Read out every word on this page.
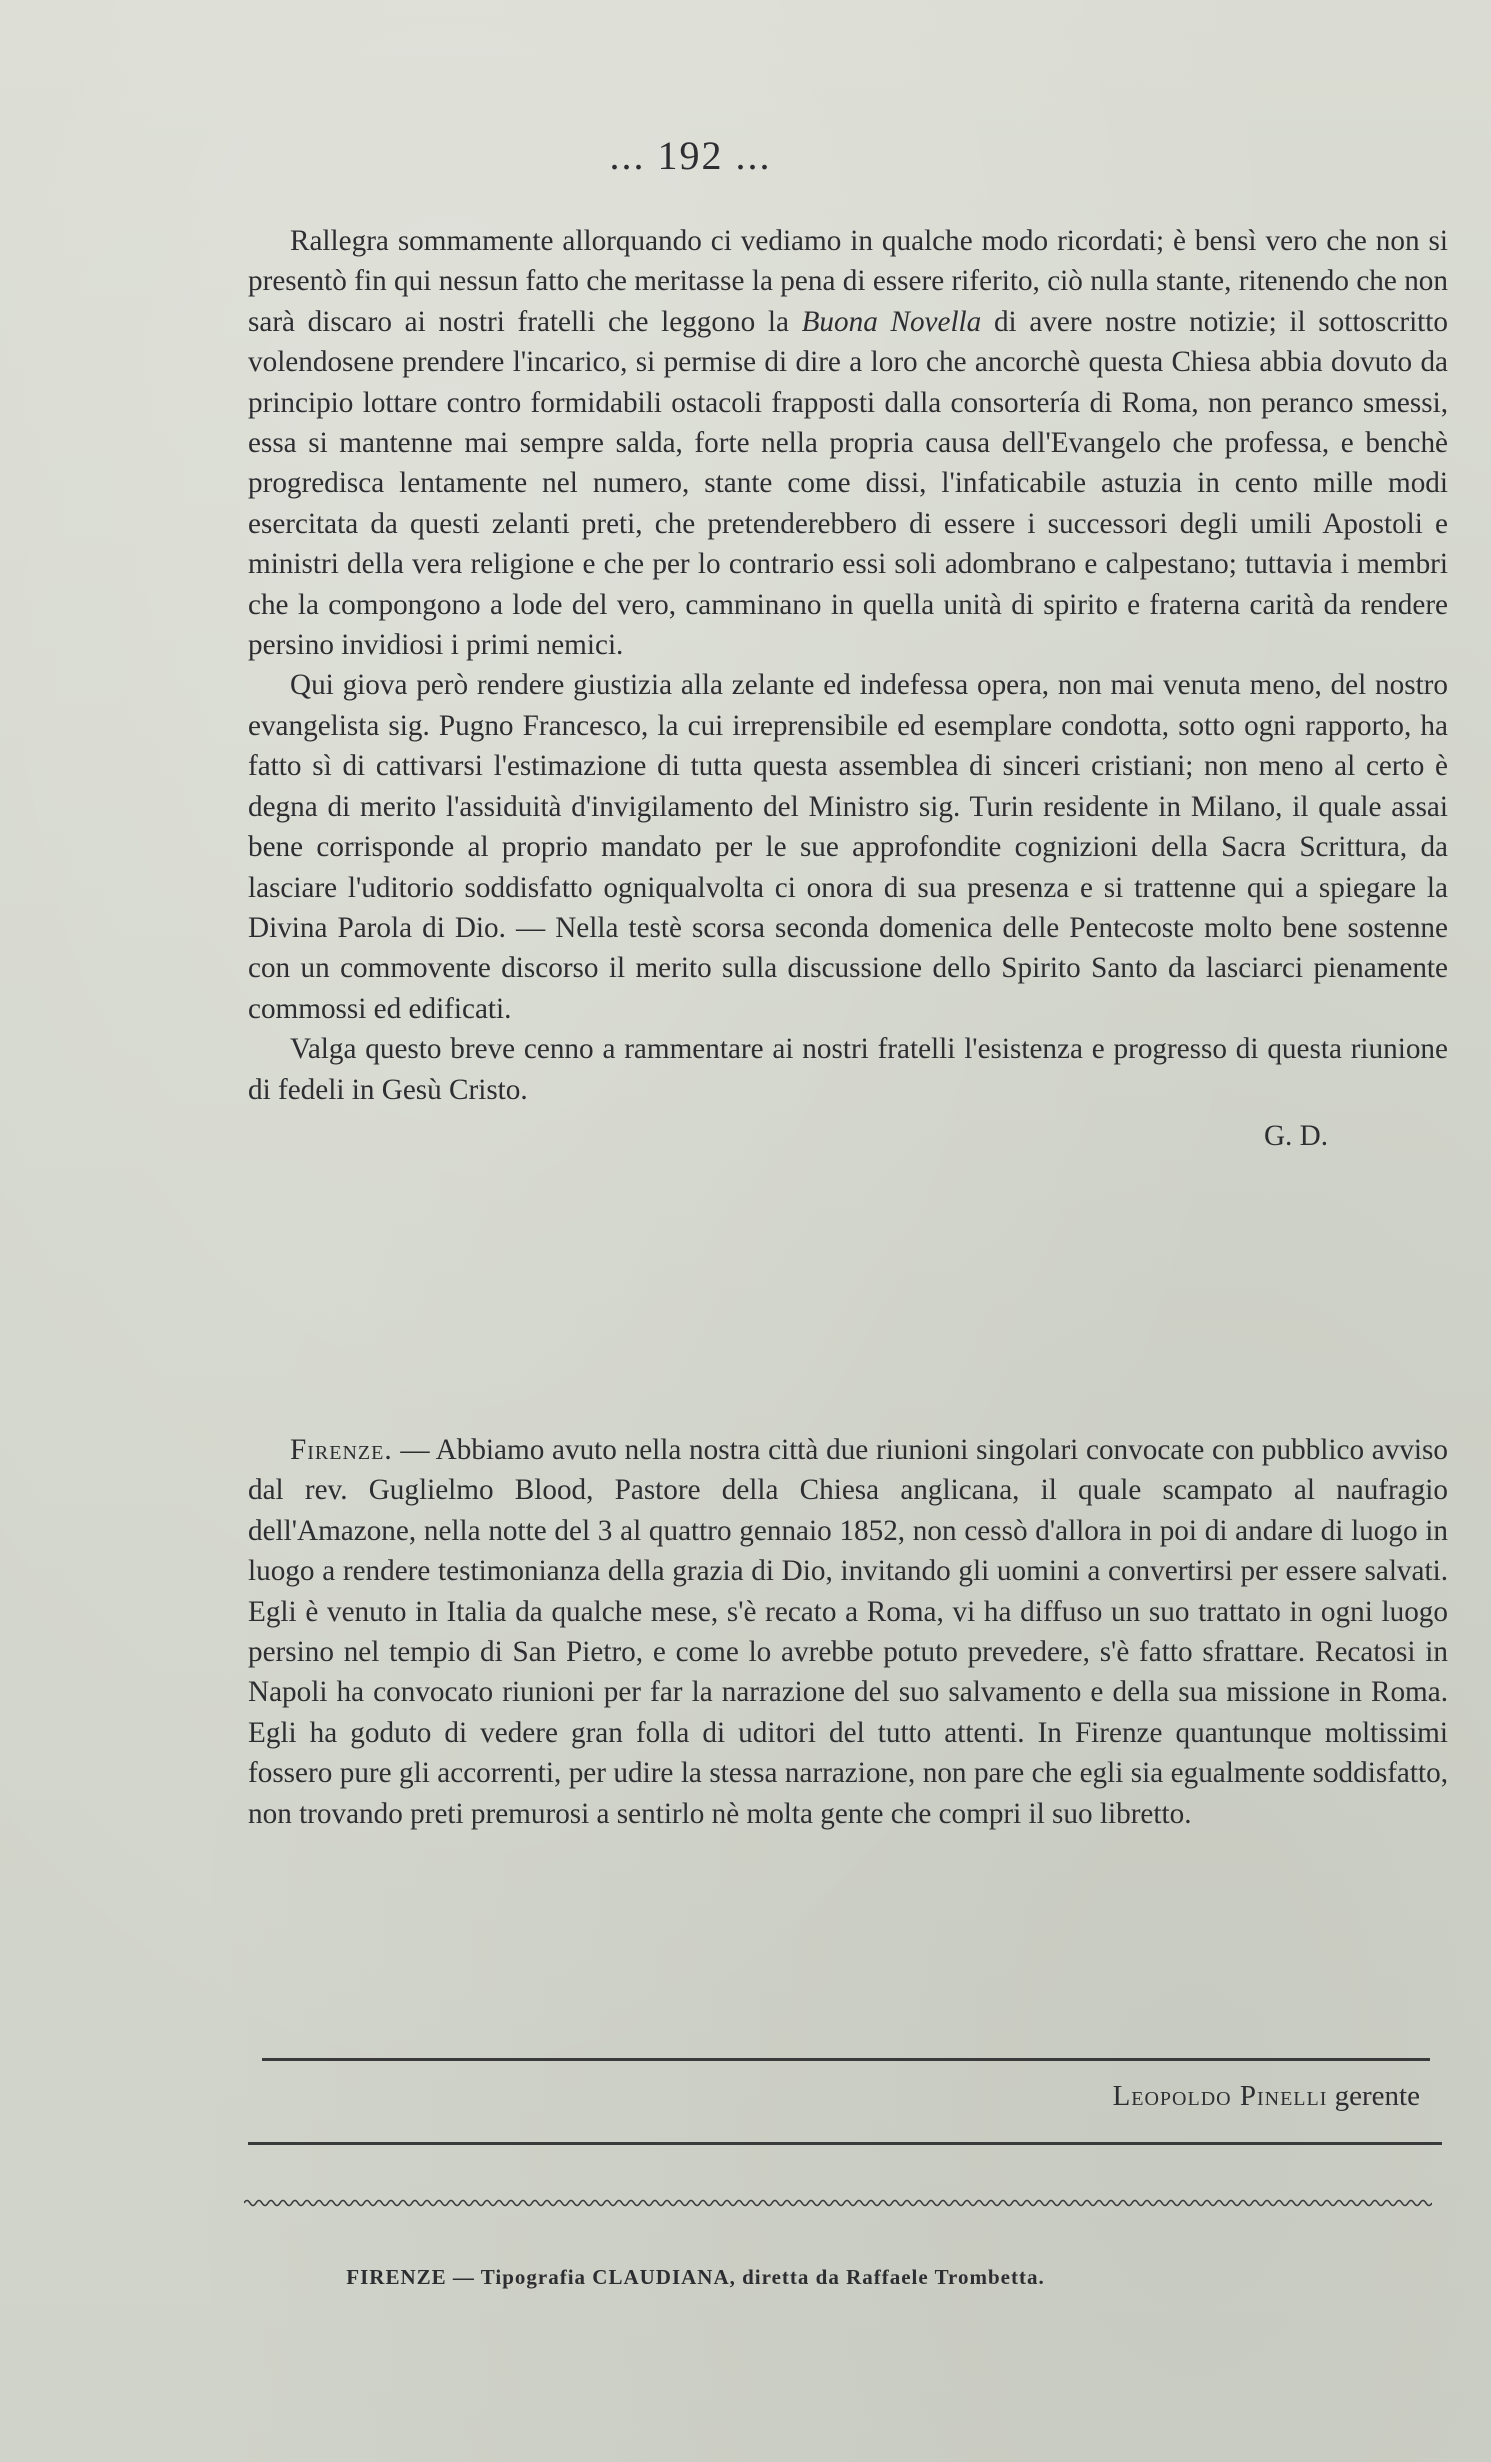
... 192 ...

Rallegra sommamente allorquando ci vediamo in qualche modo ricordati; è bensì vero che non si presentò fin qui nessun fatto che meritasse la pena di essere riferito, ciò nulla stante, ritenendo che non sarà discaro ai nostri fratelli che leggono la Buona Novella di avere nostre notizie; il sottoscritto volendosene prendere l'incarico, si permise di dire a loro che ancorchè questa Chiesa abbia dovuto da principio lottare contro formidabili ostacoli frapposti dalla consortería di Roma, non peranco smessi, essa si mantenne mai sempre salda, forte nella propria causa dell'Evangelo che professa, e benchè progredisca lentamente nel numero, stante come dissi, l'infaticabile astuzia in cento mille modi esercitata da questi zelanti preti, che pretenderebbero di essere i successori degli umili Apostoli e ministri della vera religione e che per lo contrario essi soli adombrano e calpestano; tuttavia i membri che la compongono a lode del vero, camminano in quella unità di spirito e fraterna carità da rendere persino invidiosi i primi nemici.

Qui giova però rendere giustizia alla zelante ed indefessa opera, non mai venuta meno, del nostro evangelista sig. Pugno Francesco, la cui irreprensibile ed esemplare condotta, sotto ogni rapporto, ha fatto sì di cattivarsi l'estimazione di tutta questa assemblea di sinceri cristiani; non meno al certo è degna di merito l'assiduità d'invigilamento del Ministro sig. Turin residente in Milano, il quale assai bene corrisponde al proprio mandato per le sue approfondite cognizioni della Sacra Scrittura, da lasciare l'uditorio soddisfatto ogniqualvolta ci onora di sua presenza e si trattenne qui a spiegare la Divina Parola di Dio. — Nella testè scorsa seconda domenica delle Pentecoste molto bene sostenne con un commovente discorso il merito sulla discussione dello Spirito Santo da lasciarci pienamente commossi ed edificati.

Valga questo breve cenno a rammentare ai nostri fratelli l'esistenza e progresso di questa riunione di fedeli in Gesù Cristo.

G. D.

Firenze. — Abbiamo avuto nella nostra città due riunioni singolari convocate con pubblico avviso dal rev. Guglielmo Blood, Pastore della Chiesa anglicana, il quale scampato al naufragio dell'Amazone, nella notte del 3 al quattro gennaio 1852, non cessò d'allora in poi di andare di luogo in luogo a rendere testimonianza della grazia di Dio, invitando gli uomini a convertirsi per essere salvati. Egli è venuto in Italia da qualche mese, s'è recato a Roma, vi ha diffuso un suo trattato in ogni luogo persino nel tempio di San Pietro, e come lo avrebbe potuto prevedere, s'è fatto sfrattare. Recatosi in Napoli ha convocato riunioni per far la narrazione del suo salvamento e della sua missione in Roma. Egli ha goduto di vedere gran folla di uditori del tutto attenti. In Firenze quantunque moltissimi fossero pure gli accorrenti, per udire la stessa narrazione, non pare che egli sia egualmente soddisfatto, non trovando preti premurosi a sentirlo nè molta gente che compri il suo libretto.

Leopoldo Pinelli gerente
FIRENZE — Tipografia CLAUDIANA, diretta da Raffaele Trombetta.
